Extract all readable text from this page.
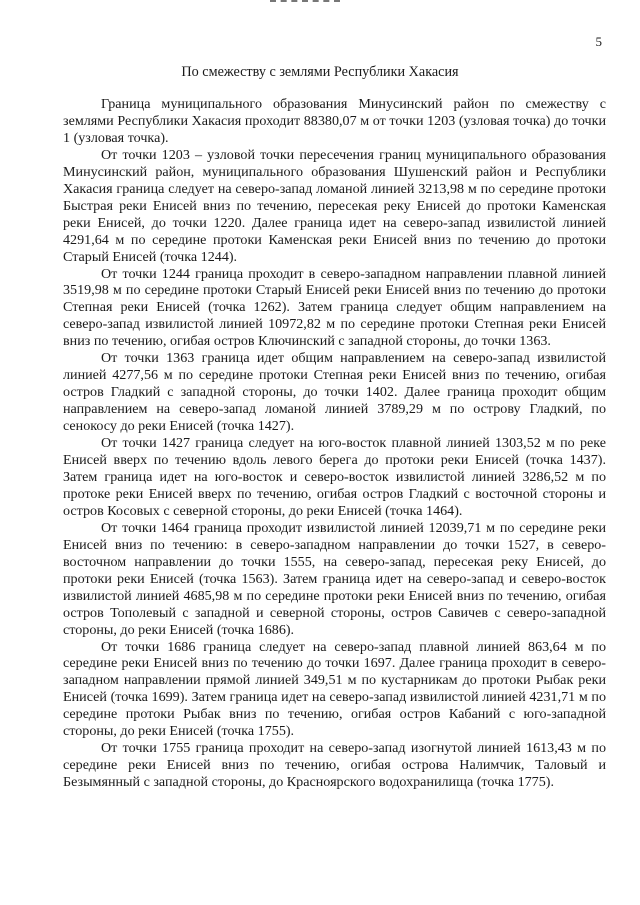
5
По смежеству с землями Республики Хакасия

Граница муниципального образования Минусинский район по смежеству с землями Республики Хакасия проходит 88380,07 м от точки 1203 (узловая точка) до точки 1 (узловая точка).

От точки 1203 – узловой точки пересечения границ муниципального образования Минусинский район, муниципального образования Шушенский район и Республики Хакасия граница следует на северо-запад ломаной линией 3213,98 м по середине протоки Быстрая реки Енисей вниз по течению, пересекая реку Енисей до протоки Каменская реки Енисей, до точки 1220. Далее граница идет на северо-запад извилистой линией 4291,64 м по середине протоки Каменская реки Енисей вниз по течению до протоки Старый Енисей (точка 1244).

От точки 1244 граница проходит в северо-западном направлении плавной линией 3519,98 м по середине протоки Старый Енисей реки Енисей вниз по течению до протоки Степная реки Енисей (точка 1262). Затем граница следует общим направлением на северо-запад извилистой линией 10972,82 м по середине протоки Степная реки Енисей вниз по течению, огибая остров Ключинский с западной стороны, до точки 1363.

От точки 1363 граница идет общим направлением на северо-запад извилистой линией 4277,56 м по середине протоки Степная реки Енисей вниз по течению, огибая остров Гладкий с западной стороны, до точки 1402. Далее граница проходит общим направлением на северо-запад ломаной линией 3789,29 м по острову Гладкий, по сенокосу до реки Енисей (точка 1427).

От точки 1427 граница следует на юго-восток плавной линией 1303,52 м по реке Енисей вверх по течению вдоль левого берега до протоки реки Енисей (точка 1437). Затем граница идет на юго-восток и северо-восток извилистой линией 3286,52 м по протоке реки Енисей вверх по течению, огибая остров Гладкий с восточной стороны и остров Косовых с северной стороны, до реки Енисей (точка 1464).

От точки 1464 граница проходит извилистой линией 12039,71 м по середине реки Енисей вниз по течению: в северо-западном направлении до точки 1527, в северо-восточном направлении до точки 1555, на северо-запад, пересекая реку Енисей, до протоки реки Енисей (точка 1563). Затем граница идет на северо-запад и северо-восток извилистой линией 4685,98 м по середине протоки реки Енисей вниз по течению, огибая остров Тополевый с западной и северной стороны, остров Савичев с северо-западной стороны, до реки Енисей (точка 1686).

От точки 1686 граница следует на северо-запад плавной линией 863,64 м по середине реки Енисей вниз по течению до точки 1697. Далее граница проходит в северо-западном направлении прямой линией 349,51 м по кустарникам до протоки Рыбак реки Енисей (точка 1699). Затем граница идет на северо-запад извилистой линией 4231,71 м по середине протоки Рыбак вниз по течению, огибая остров Кабаний с юго-западной стороны, до реки Енисей (точка 1755).

От точки 1755 граница проходит на северо-запад изогнутой линией 1613,43 м по середине реки Енисей вниз по течению, огибая острова Налимчик, Таловый и Безымянный с западной стороны, до Красноярского водохранилища (точка 1775).
